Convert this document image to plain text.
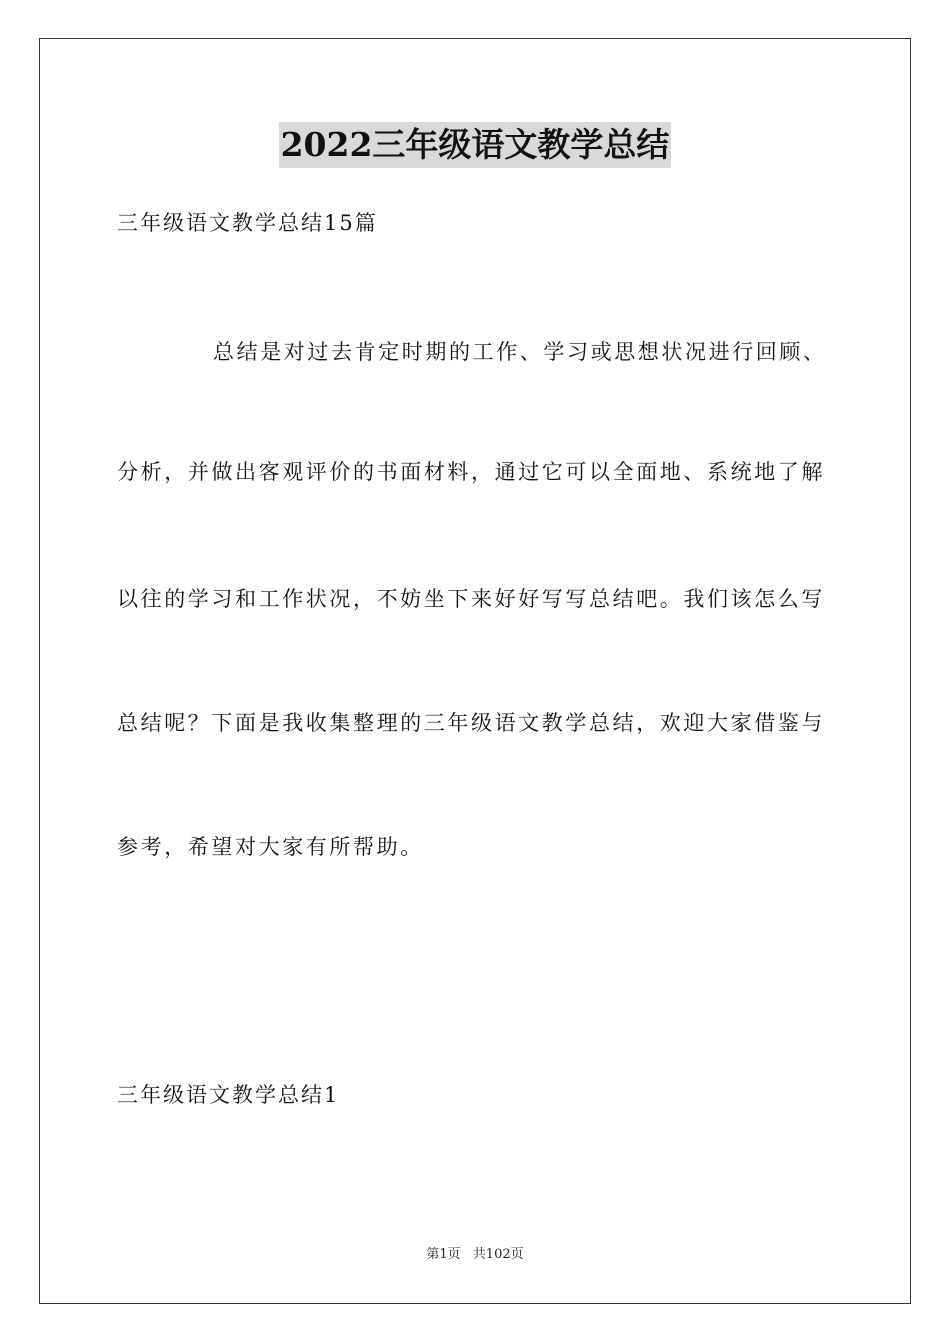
2022三年级语文教学总结

三年级语文教学总结15篇

总结是对过去肯定时期的工作、学习或思想状况进行回顾、

分析，并做出客观评价的书面材料，通过它可以全面地、系统地了解

以往的学习和工作状况，不妨坐下来好好写写总结吧。我们该怎么写

总结呢？下面是我收集整理的三年级语文教学总结，欢迎大家借鉴与

参考，希望对大家有所帮助。

三年级语文教学总结1

第1页 共102页
